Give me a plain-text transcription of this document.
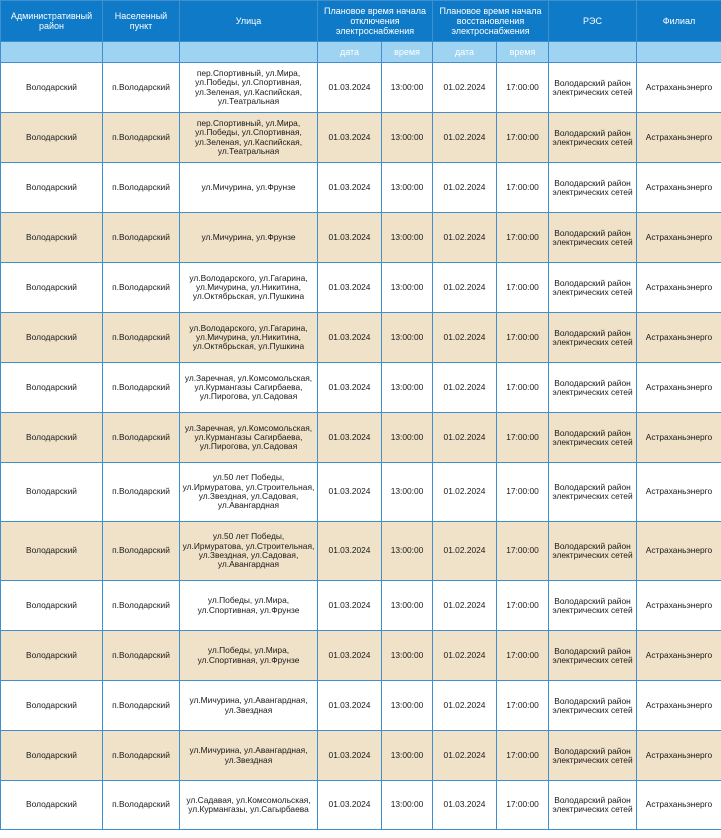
Административный район	Населенный пункт	Улица	Плановое время начала отключения электроснабжения		Плановое время начала восстановления электроснабжения		РЭС	Филиал
			дата	время	дата	время		
Володарский	п.Володарский	пер.Спортивный, ул.Мира, ул.Победы, ул.Спортивная, ул.Зеленая, ул.Каспийская, ул.Театральная	01.03.2024	13:00:00	01.02.2024	17:00:00	Володарский район электрических сетей	Астраханьэнерго
Володарский	п.Володарский	пер.Спортивный, ул.Мира, ул.Победы, ул.Спортивная, ул.Зеленая, ул.Каспийская, ул.Театральная	01.03.2024	13:00:00	01.02.2024	17:00:00	Володарский район электрических сетей	Астраханьэнерго
Володарский	п.Володарский	ул.Мичурина, ул.Фрунзе	01.03.2024	13:00:00	01.02.2024	17:00:00	Володарский район электрических сетей	Астраханьэнерго
Володарский	п.Володарский	ул.Мичурина, ул.Фрунзе	01.03.2024	13:00:00	01.02.2024	17:00:00	Володарский район электрических сетей	Астраханьэнерго
Володарский	п.Володарский	ул.Володарского, ул.Гагарина, ул.Мичурина, ул.Никитина, ул.Октябрьская, ул.Пушкина	01.03.2024	13:00:00	01.02.2024	17:00:00	Володарский район электрических сетей	Астраханьэнерго
Володарский	п.Володарский	ул.Володарского, ул.Гагарина, ул.Мичурина, ул.Никитина, ул.Октябрьская, ул.Пушкина	01.03.2024	13:00:00	01.02.2024	17:00:00	Володарский район электрических сетей	Астраханьэнерго
Володарский	п.Володарский	ул.Заречная, ул.Комсомольская, ул.Курмангазы Сагирбаева, ул.Пирогова, ул.Садовая	01.03.2024	13:00:00	01.02.2024	17:00:00	Володарский район электрических сетей	Астраханьэнерго
Володарский	п.Володарский	ул.Заречная, ул.Комсомольская, ул.Курмангазы Сагирбаева, ул.Пирогова, ул.Садовая	01.03.2024	13:00:00	01.02.2024	17:00:00	Володарский район электрических сетей	Астраханьэнерго
Володарский	п.Володарский	ул.50 лет Победы, ул.Ирмуратова, ул.Строительная, ул.Звездная, ул.Садовая, ул.Авангардная	01.03.2024	13:00:00	01.02.2024	17:00:00	Володарский район электрических сетей	Астраханьэнерго
Володарский	п.Володарский	ул.50 лет Победы, ул.Ирмуратова, ул.Строительная, ул.Звездная, ул.Садовая, ул.Авангардная	01.03.2024	13:00:00	01.02.2024	17:00:00	Володарский район электрических сетей	Астраханьэнерго
Володарский	п.Володарский	ул.Победы, ул.Мира, ул.Спортивная, ул.Фрунзе	01.03.2024	13:00:00	01.02.2024	17:00:00	Володарский район электрических сетей	Астраханьэнерго
Володарский	п.Володарский	ул.Победы, ул.Мира, ул.Спортивная, ул.Фрунзе	01.03.2024	13:00:00	01.02.2024	17:00:00	Володарский район электрических сетей	Астраханьэнерго
Володарский	п.Володарский	ул.Мичурина, ул.Авангардная, ул.Звездная	01.03.2024	13:00:00	01.02.2024	17:00:00	Володарский район электрических сетей	Астраханьэнерго
Володарский	п.Володарский	ул.Мичурина, ул.Авангардная, ул.Звездная	01.03.2024	13:00:00	01.02.2024	17:00:00	Володарский район электрических сетей	Астраханьэнерго
Володарский	п.Володарский	ул.Садавая, ул.Комсомольская, ул.Курмангазы, ул.Сагырбаева	01.03.2024	13:00:00	01.03.2024	17:00:00	Володарский район электрических сетей	Астраханьэнерго
